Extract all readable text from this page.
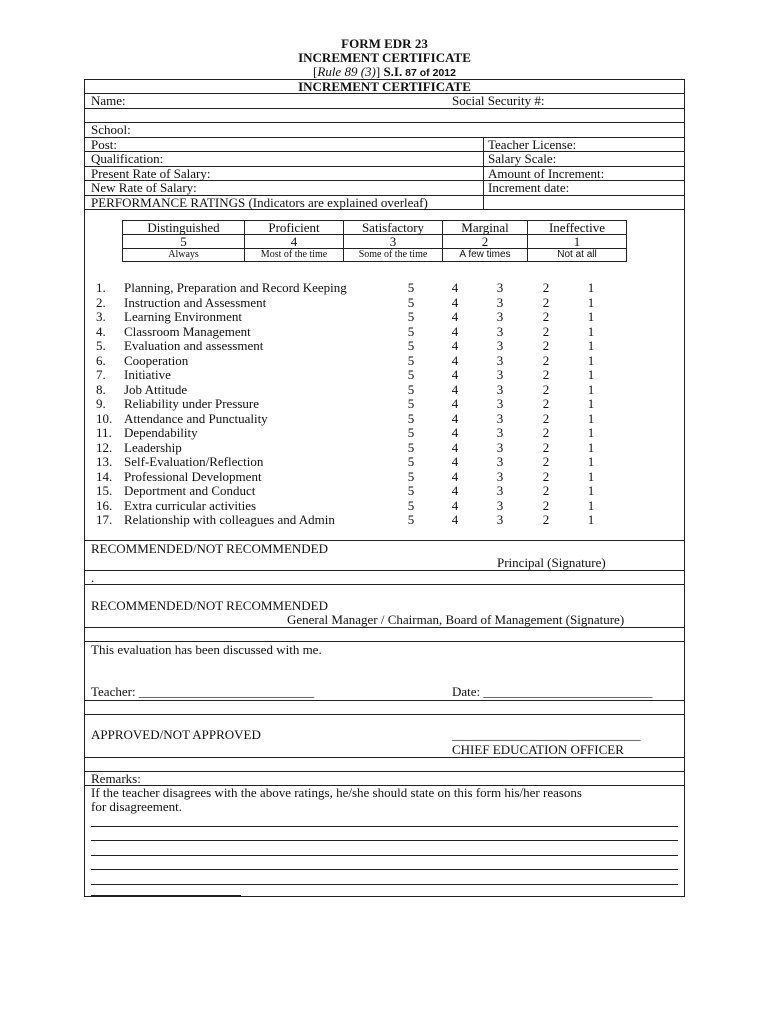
FORM EDR 23
INCREMENT CERTIFICATE
[Rule 89 (3)] S.I. 87 of 2012
INCREMENT CERTIFICATE
Name:	Social Security #:
School:
Post:	Teacher License:
Qualification:	Salary Scale:
Present Rate of Salary:	Amount of Increment:
New Rate of Salary:	Increment date:
PERFORMANCE RATINGS (Indicators are explained overleaf)
Distinguished	Proficient	Satisfactory	Marginal	Ineffective
5	4	3	2	1
Always	Most of the time	Some of the time	A few times	Not at all
1.	Planning, Preparation and Record Keeping	5	4	3	2	1
2.	Instruction and Assessment	5	4	3	2	1
3.	Learning Environment	5	4	3	2	1
4.	Classroom Management	5	4	3	2	1
5.	Evaluation and assessment	5	4	3	2	1
6.	Cooperation	5	4	3	2	1
7.	Initiative	5	4	3	2	1
8.	Job Attitude	5	4	3	2	1
9.	Reliability under Pressure	5	4	3	2	1
10. Attendance and Punctuality	5	4	3	2	1
11. Dependability	5	4	3	2	1
12. Leadership	5	4	3	2	1
13. Self-Evaluation/Reflection	5	4	3	2	1
14. Professional Development	5	4	3	2	1
15. Deportment and Conduct	5	4	3	2	1
16. Extra curricular activities	5	4	3	2	1
17. Relationship with colleagues and Admin	5	4	3	2	1
RECOMMENDED/NOT RECOMMENDED
Principal (Signature)
.
RECOMMENDED/NOT RECOMMENDED
General Manager / Chairman, Board of Management (Signature)
This evaluation has been discussed with me.
Teacher: ___________________________	Date: __________________________
APPROVED/NOT APPROVED	_____________________________
CHIEF EDUCATION OFFICER
Remarks:
If the teacher disagrees with the above ratings, he/she should state on this form his/her reasons
for disagreement.
